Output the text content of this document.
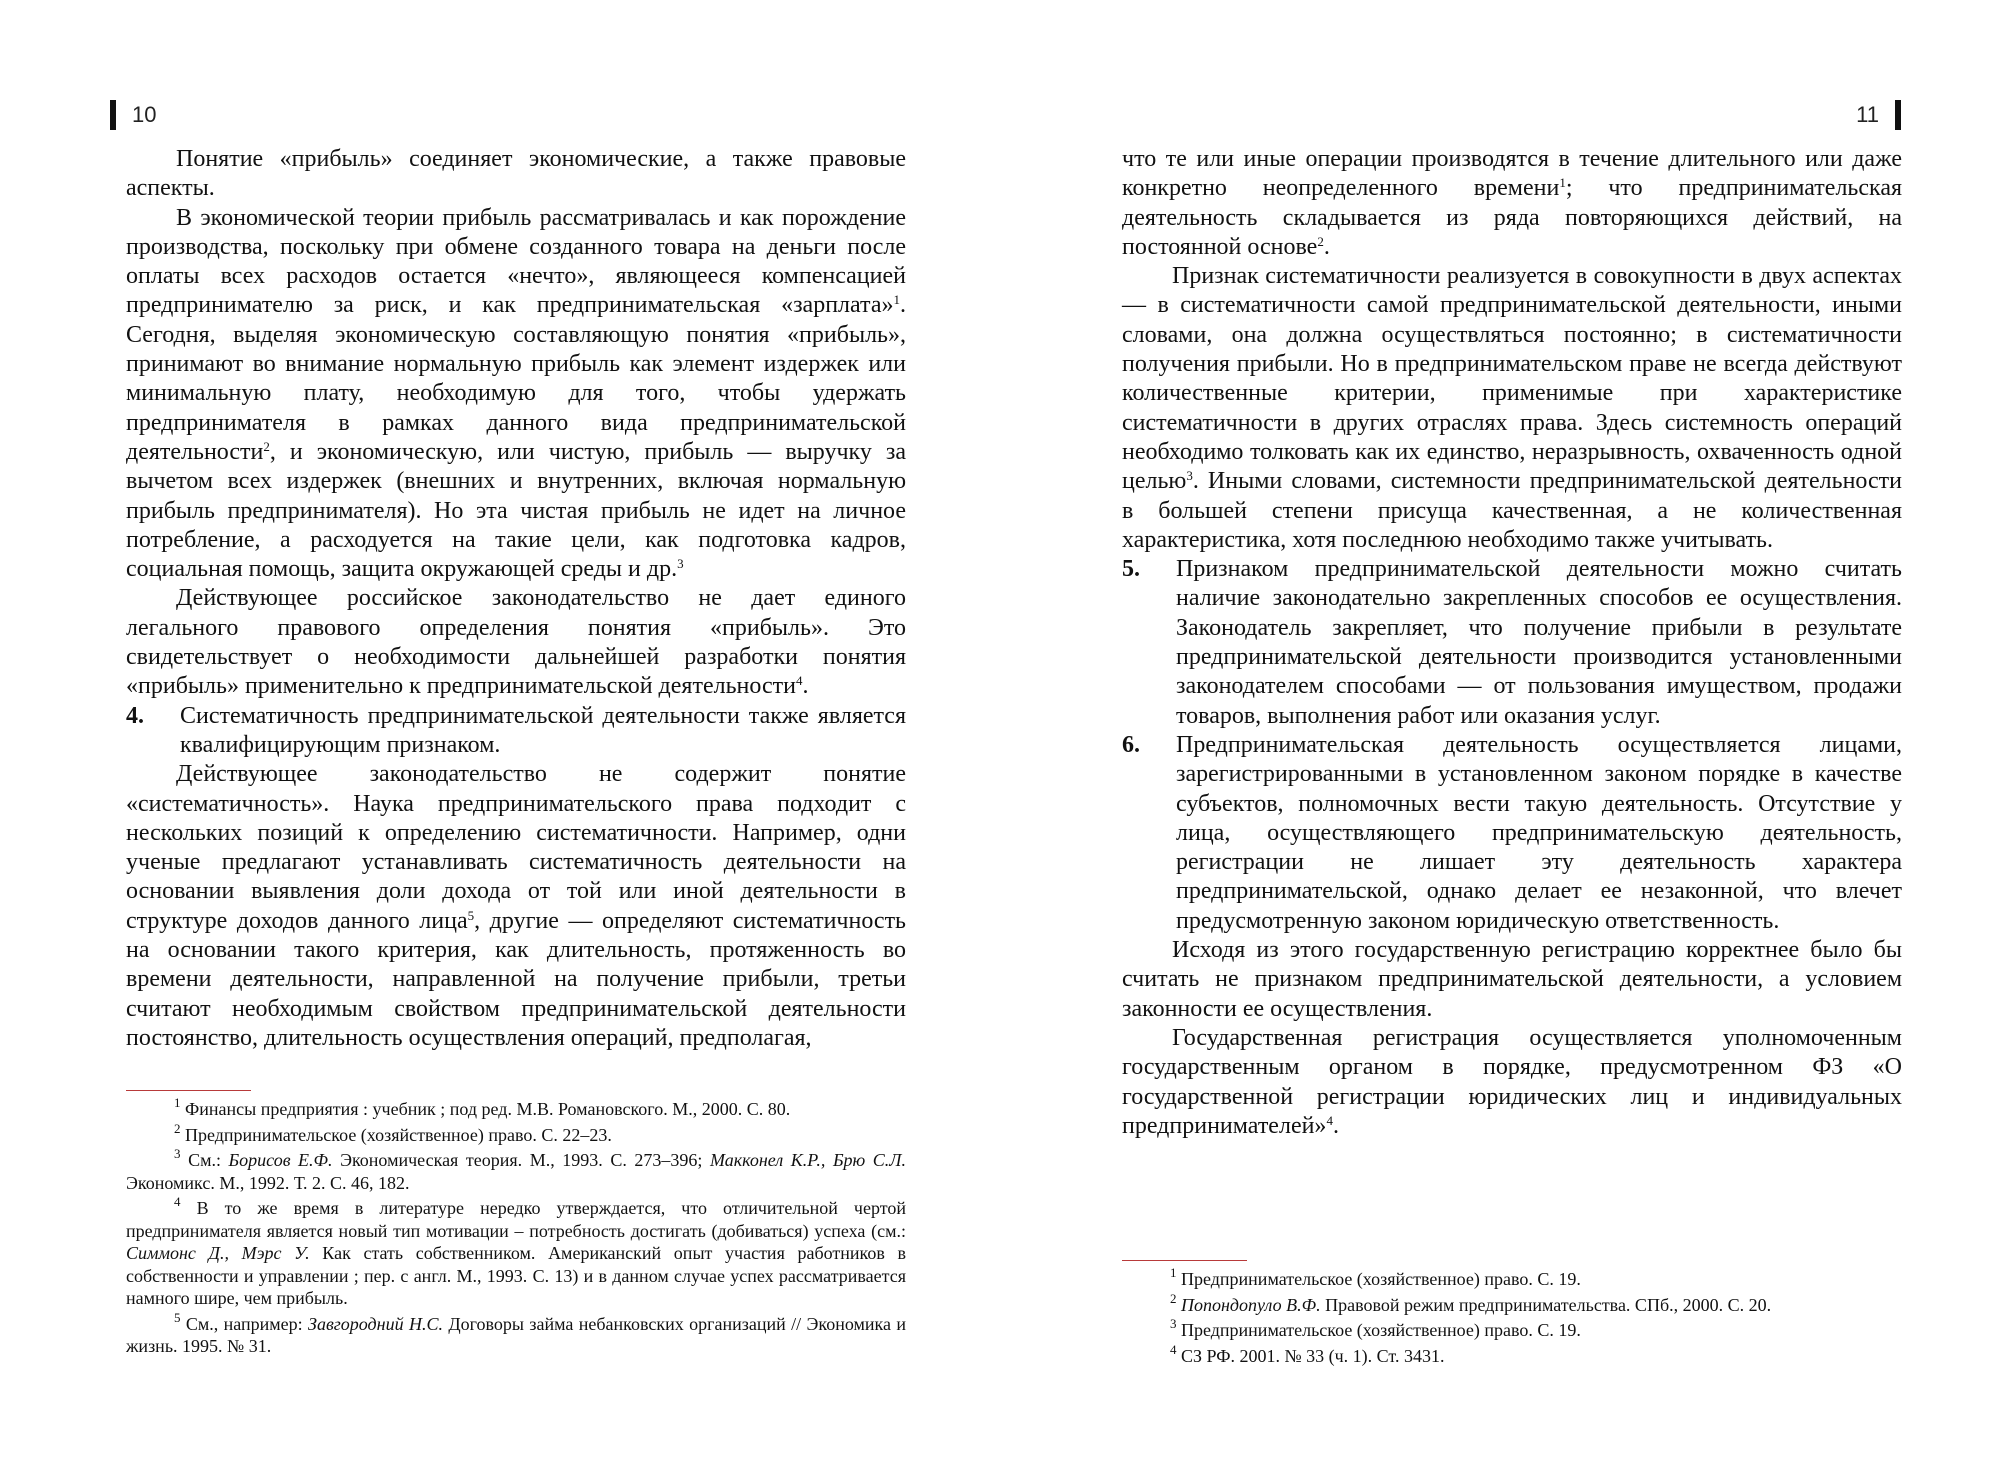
10

Понятие «прибыль» соединяет экономические, а также правовые аспекты.

В экономической теории прибыль рассматривалась и как порождение производства, поскольку при обмене созданного товара на деньги после оплаты всех расходов остается «нечто», являющееся компенсацией предпринимателю за риск, и как предпринимательская «зарплата»$^1$. Сегодня, выделяя экономическую составляющую понятия «прибыль», принимают во внимание нормальную прибыль как элемент издержек или минимальную плату, необходимую для того, чтобы удержать предпринимателя в рамках данного вида предпринимательской деятельности$^2$, и экономическую, или чистую, прибыль — выручку за вычетом всех издержек (внешних и внутренних, включая нормальную прибыль предпринимателя). Но эта чистая прибыль не идет на личное потребление, а расходуется на такие цели, как подготовка кадров, социальная помощь, защита окружающей среды и др.$^3$

Действующее российское законодательство не дает единого легального правового определения понятия «прибыль». Это свидетельствует о необходимости дальнейшей разработки понятия «прибыль» применительно к предпринимательской деятельности$^4$.

4. Систематичность предпринимательской деятельности также является квалифицирующим признаком.

Действующее законодательство не содержит понятие «систематичность». Наука предпринимательского права подходит с нескольких позиций к определению систематичности. Например, одни ученые предлагают устанавливать систематичность деятельности на основании выявления доли дохода от той или иной деятельности в структуре доходов данного лица$^5$, другие — определяют систематичность на основании такого критерия, как длительность, протяженность во времени деятельности, направленной на получение прибыли, третьи считают необходимым свойством предпринимательской деятельности постоянство, длительность осуществления операций, предполагая,

$^1$ Финансы предприятия : учебник ; под ред. М.В. Романовского. М., 2000. С. 80.

$^2$ Предпринимательское (хозяйственное) право. С. 22–23.

$^3$ См.: Борисов Е.Ф. Экономическая теория. М., 1993. С. 273–396; Макконел К.Р., Брю С.Л. Экономикс. М., 1992. Т. 2. С. 46, 182.

$^4$ В то же время в литературе нередко утверждается, что отличительной чертой предпринимателя является новый тип мотивации – потребность достигать (добиваться) успеха (см.: Симмонс Д., Мэрс У. Как стать собственником. Американский опыт участия работников в собственности и управлении ; пер. с англ. М., 1993. С. 13) и в данном случае успех рассматривается намного шире, чем прибыль.

$^5$ См., например: Завгородний Н.С. Договоры займа небанковских организаций // Экономика и жизнь. 1995. № 31.

11

что те или иные операции производятся в течение длительного или даже конкретно неопределенного времени$^1$; что предпринимательская деятельность складывается из ряда повторяющихся действий, на постоянной основе$^2$.

Признак систематичности реализуется в совокупности в двух аспектах — в систематичности самой предпринимательской деятельности, иными словами, она должна осуществляться постоянно; в систематичности получения прибыли. Но в предпринимательском праве не всегда действуют количественные критерии, применимые при характеристике систематичности в других отраслях права. Здесь системность операций необходимо толковать как их единство, неразрывность, охваченность одной целью$^3$. Иными словами, системности предпринимательской деятельности в большей степени присуща качественная, а не количественная характеристика, хотя последнюю необходимо также учитывать.

5. Признаком предпринимательской деятельности можно считать наличие законодательно закрепленных способов ее осуществления. Законодатель закрепляет, что получение прибыли в результате предпринимательской деятельности производится установленными законодателем способами — от пользования имуществом, продажи товаров, выполнения работ или оказания услуг.
6. Предпринимательская деятельность осуществляется лицами, зарегистрированными в установленном законом порядке в качестве субъектов, полномочных вести такую деятельность. Отсутствие у лица, осуществляющего предпринимательскую деятельность, регистрации не лишает эту деятельность характера предпринимательской, однако делает ее незаконной, что влечет предусмотренную законом юридическую ответственность.

Исходя из этого государственную регистрацию корректнее было бы считать не признаком предпринимательской деятельности, а условием законности ее осуществления.

Государственная регистрация осуществляется уполномоченным государственным органом в порядке, предусмотренном ФЗ «О государственной регистрации юридических лиц и индивидуальных предпринимателей»$^4$.

$^1$ Предпринимательское (хозяйственное) право. С. 19.

$^2$ Попондопуло В.Ф. Правовой режим предпринимательства. СПб., 2000. С. 20.

$^3$ Предпринимательское (хозяйственное) право. С. 19.

$^4$ СЗ РФ. 2001. № 33 (ч. 1). Ст. 3431.
